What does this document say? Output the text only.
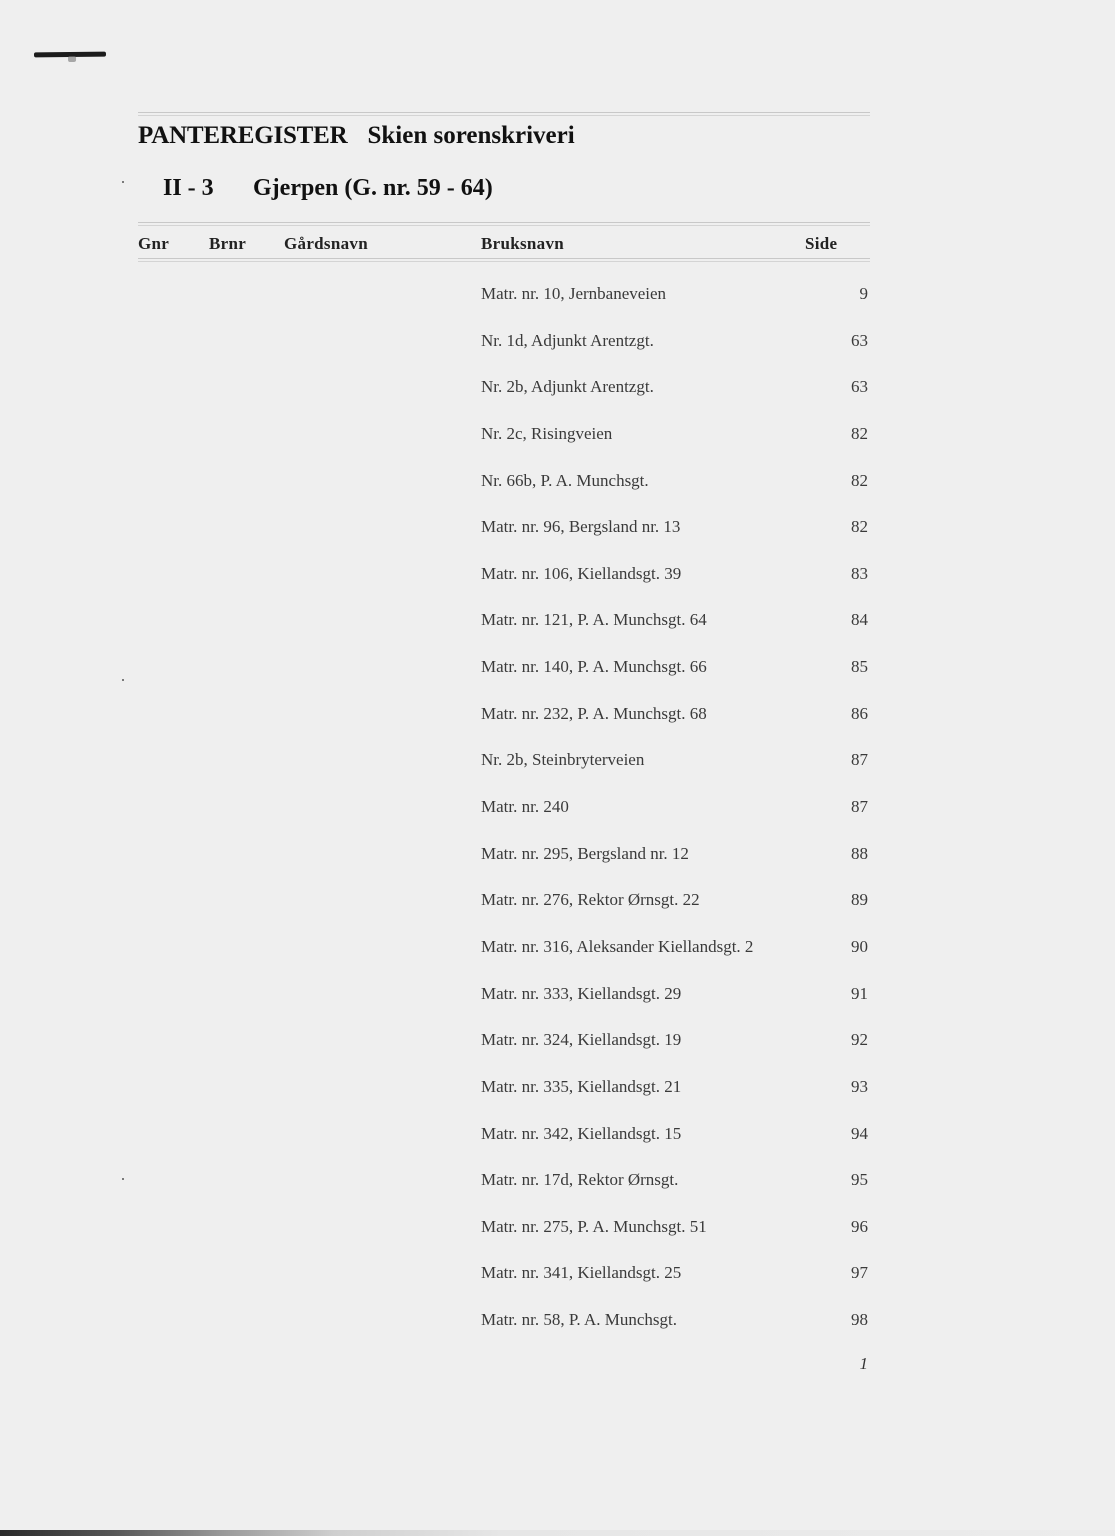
PANTEREGISTER Skien sorenskriveri
II - 3	Gjerpen (G. nr. 59 - 64)
Gnr Brnr Gårdsnavn	Bruksnavn	Side
Matr. nr. 10, Jernbaneveien	9
Nr. 1d, Adjunkt Arentzgt.	63
Nr. 2b, Adjunkt Arentzgt.	63
Nr. 2c, Risingveien	82
Nr. 66b, P. A. Munchsgt.	82
Matr. nr. 96, Bergsland nr. 13	82
Matr. nr. 106, Kiellandsgt. 39	83
Matr. nr. 121, P. A. Munchsgt. 64	84
Matr. nr. 140, P. A. Munchsgt. 66	85
Matr. nr. 232, P. A. Munchsgt. 68	86
Nr. 2b, Steinbryterveien	87
Matr. nr. 240	87
Matr. nr. 295, Bergsland nr. 12	88
Matr. nr. 276, Rektor Ørnsgt. 22	89
Matr. nr. 316, Aleksander Kiellandsgt. 2	90
Matr. nr. 333, Kiellandsgt. 29	91
Matr. nr. 324, Kiellandsgt. 19	92
Matr. nr. 335, Kiellandsgt. 21	93
Matr. nr. 342, Kiellandsgt. 15	94
Matr. nr. 17d, Rektor Ørnsgt.	95
Matr. nr. 275, P. A. Munchsgt. 51	96
Matr. nr. 341, Kiellandsgt. 25	97
Matr. nr. 58, P. A. Munchsgt.	98
1
